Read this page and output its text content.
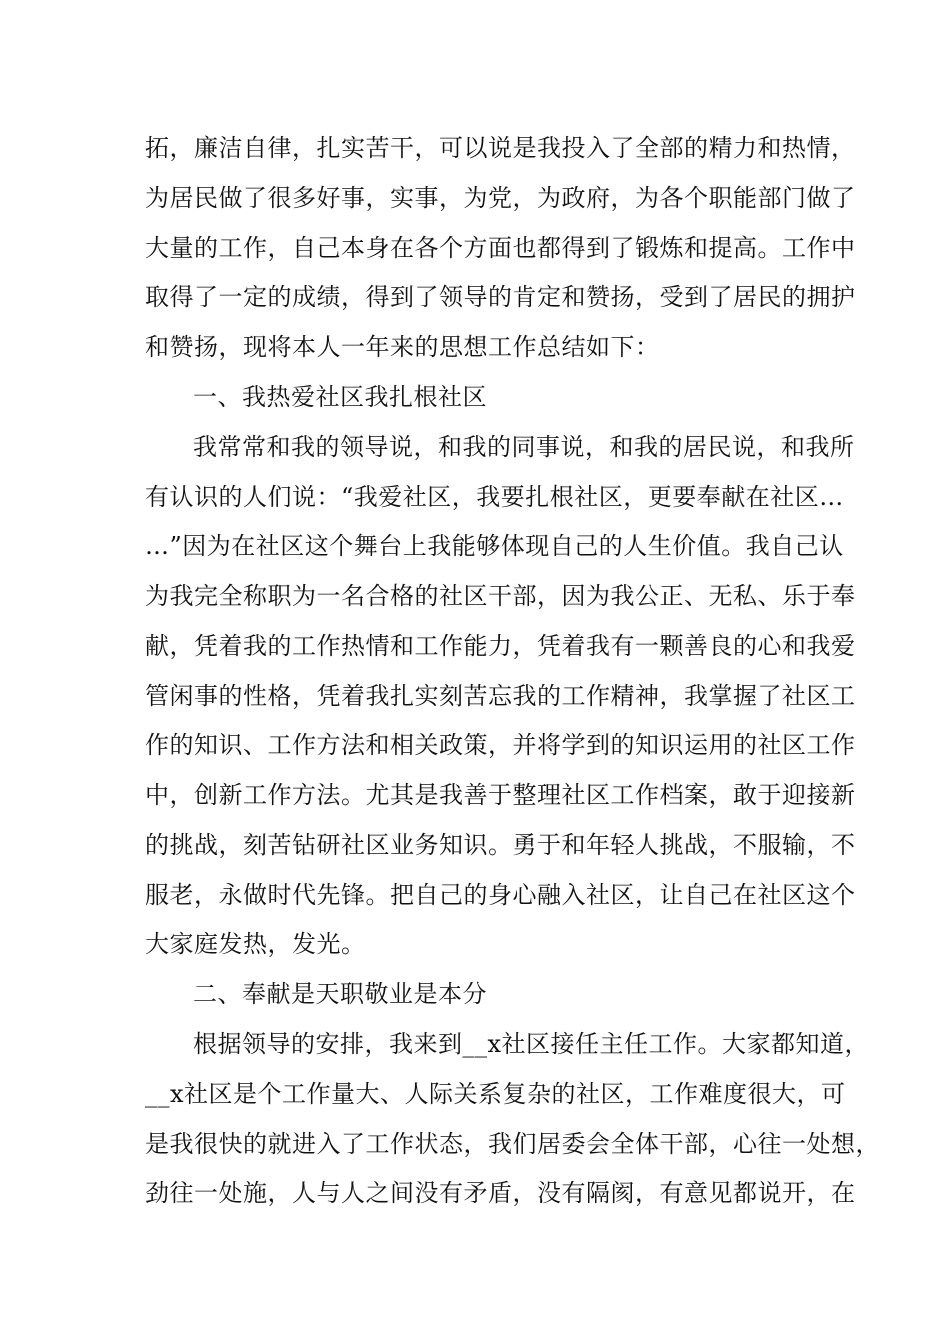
拓，廉洁自律，扎实苦干，可以说是我投入了全部的精力和热情，
为居民做了很多好事，实事，为党，为政府，为各个职能部门做了
大量的工作，自己本身在各个方面也都得到了锻炼和提高。工作中
取得了一定的成绩，得到了领导的肯定和赞扬，受到了居民的拥护
和赞扬，现将本人一年来的思想工作总结如下：
一、我热爱社区我扎根社区
我常常和我的领导说，和我的同事说，和我的居民说，和我所
有认识的人们说：“我爱社区，我要扎根社区，更要奉献在社区…
…”因为在社区这个舞台上我能够体现自己的人生价值。我自己认
为我完全称职为一名合格的社区干部，因为我公正、无私、乐于奉
献，凭着我的工作热情和工作能力，凭着我有一颗善良的心和我爱
管闲事的性格，凭着我扎实刻苦忘我的工作精神，我掌握了社区工
作的知识、工作方法和相关政策，并将学到的知识运用的社区工作
中，创新工作方法。尤其是我善于整理社区工作档案，敢于迎接新
的挑战，刻苦钻研社区业务知识。勇于和年轻人挑战，不服输，不
服老，永做时代先锋。把自己的身心融入社区，让自己在社区这个
大家庭发热，发光。
二、奉献是天职敬业是本分
根据领导的安排，我来到__x社区接任主任工作。大家都知道，
__x社区是个工作量大、人际关系复杂的社区，工作难度很大，可
是我很快的就进入了工作状态，我们居委会全体干部，心往一处想，
劲往一处施，人与人之间没有矛盾，没有隔阂，有意见都说开，在
